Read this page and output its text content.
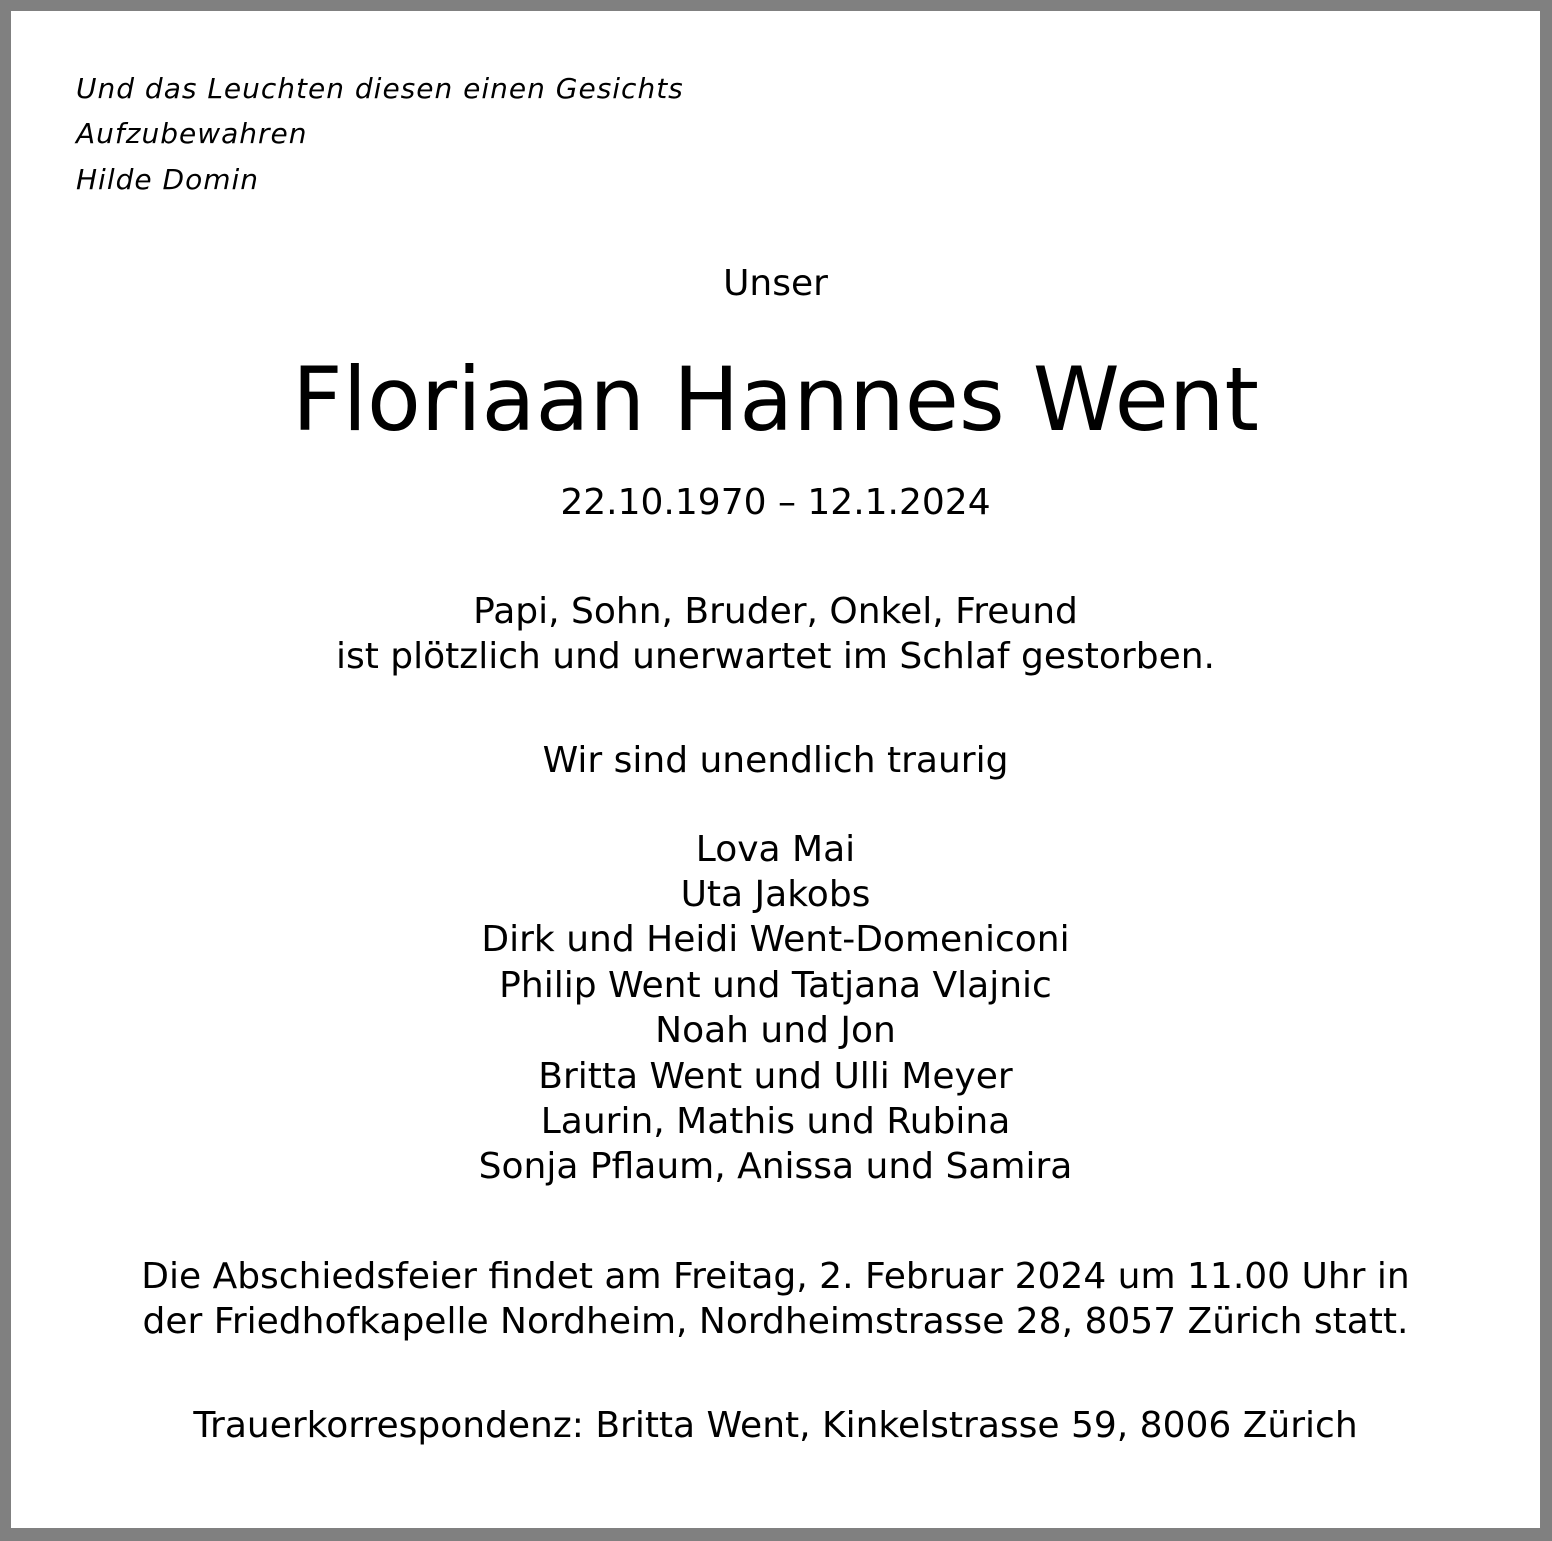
Und das Leuchten diesen einen Gesichts
Aufzubewahren
Hilde Domin
Unser
Floriaan Hannes Went
22.10.1970 – 12.1.2024
Papi, Sohn, Bruder, Onkel, Freund
ist plötzlich und unerwartet im Schlaf gestorben.
Wir sind unendlich traurig
Lova Mai
Uta Jakobs
Dirk und Heidi Went-Domeniconi
Philip Went und Tatjana Vlajnic
Noah und Jon
Britta Went und Ulli Meyer
Laurin, Mathis und Rubina
Sonja Pflaum, Anissa und Samira
Die Abschiedsfeier findet am Freitag, 2. Februar 2024 um 11.00 Uhr in
der Friedhofkapelle Nordheim, Nordheimstrasse 28, 8057 Zürich statt.
Trauerkorrespondenz: Britta Went, Kinkelstrasse 59, 8006 Zürich
